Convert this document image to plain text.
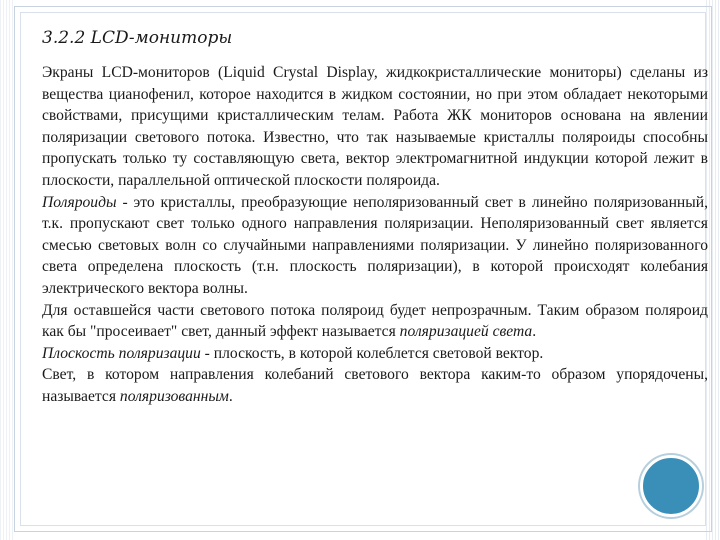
3.2.2 LCD-мониторы

Экраны LCD-мониторов (Liquid Crystal Display, жидкокристаллические мониторы) сделаны из вещества цианофенил, которое находится в жидком состоянии, но при этом обладает некоторыми свойствами, присущими кристаллическим телам. Работа ЖК мониторов основана на явлении поляризации светового потока. Известно, что так называемые кристаллы поляроиды способны пропускать только ту составляющую света, вектор электромагнитной индукции которой лежит в плоскости, параллельной оптической плоскости поляроида.

Поляроиды - это кристаллы, преобразующие неполяризованный свет в линейно поляризованный, т.к. пропускают свет только одного направления поляризации. Неполяризованный свет является смесью световых волн со случайными направлениями поляризации. У линейно поляризованного света определена плоскость (т.н. плоскость поляризации), в которой происходят колебания электрического вектора волны.

Для оставшейся части светового потока поляроид будет непрозрачным. Таким образом поляроид как бы "просеивает" свет, данный эффект называется поляризацией света.

Плоскость поляризации - плоскость, в которой колеблется световой вектор.

Свет, в котором направления колебаний светового вектора каким-то образом упорядочены, называется поляризованным.
